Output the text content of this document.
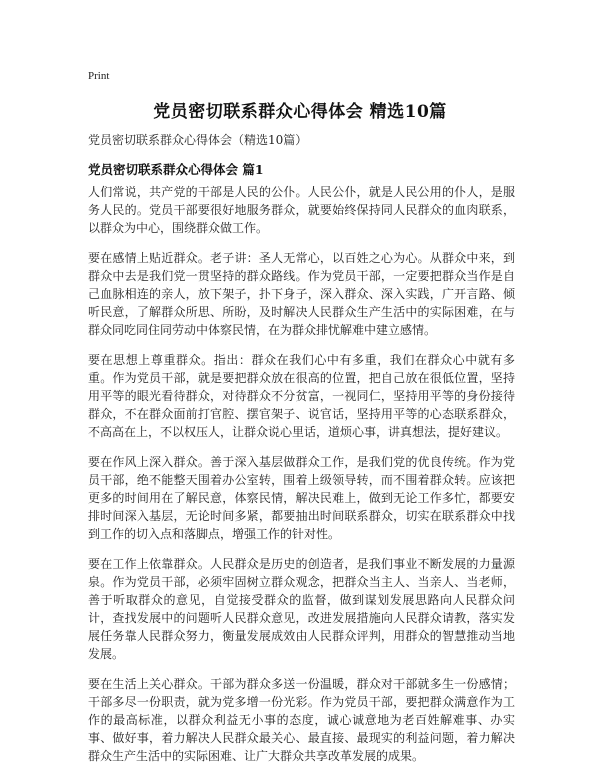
Print
党员密切联系群众心得体会 精选10篇
党员密切联系群众心得体会（精选10篇）
党员密切联系群众心得体会 篇1

人们常说，共产党的干部是人民的公仆。人民公仆，就是人民公用的仆人，是服务人民的。党员干部要很好地服务群众，就要始终保持同人民群众的血肉联系，以群众为中心，围绕群众做工作。

要在感情上贴近群众。老子讲：圣人无常心，以百姓之心为心。从群众中来，到群众中去是我们党一贯坚持的群众路线。作为党员干部，一定要把群众当作是自己血脉相连的亲人，放下架子，扑下身子，深入群众、深入实践，广开言路、倾听民意，了解群众所思、所盼，及时解决人民群众生产生活中的实际困难，在与群众同吃同住同劳动中体察民情，在为群众排忧解难中建立感情。

要在思想上尊重群众。指出：群众在我们心中有多重，我们在群众心中就有多重。作为党员干部，就是要把群众放在很高的位置，把自己放在很低位置，坚持用平等的眼光看待群众，对待群众不分贫富，一视同仁，坚持用平等的身份接待群众，不在群众面前打官腔、摆官架子、说官话，坚持用平等的心态联系群众，不高高在上，不以权压人，让群众说心里话，道烦心事，讲真想法，提好建议。

要在作风上深入群众。善于深入基层做群众工作，是我们党的优良传统。作为党员干部，绝不能整天围着办公室转，围着上级领导转，而不围着群众转。应该把更多的时间用在了解民意，体察民情，解决民难上，做到无论工作多忙，都要安排时间深入基层，无论时间多紧，都要抽出时间联系群众，切实在联系群众中找到工作的切入点和落脚点，增强工作的针对性。

要在工作上依靠群众。人民群众是历史的创造者，是我们事业不断发展的力量源泉。作为党员干部，必须牢固树立群众观念，把群众当主人、当亲人、当老师，善于听取群众的意见，自觉接受群众的监督，做到谋划发展思路向人民群众问计，查找发展中的问题听人民群众意见，改进发展措施向人民群众请教，落实发展任务靠人民群众努力，衡量发展成效由人民群众评判，用群众的智慧推动当地发展。

要在生活上关心群众。干部为群众多送一份温暖，群众对干部就多生一份感情；干部多尽一份职责，就为党多增一份光彩。作为党员干部，要把群众满意作为工作的最高标准，以群众利益无小事的态度，诚心诚意地为老百姓解难事、办实事、做好事，着力解决人民群众最关心、最直接、最现实的利益问题，着力解决群众生产生活中的实际困难、让广大群众共享改革发展的成果。
